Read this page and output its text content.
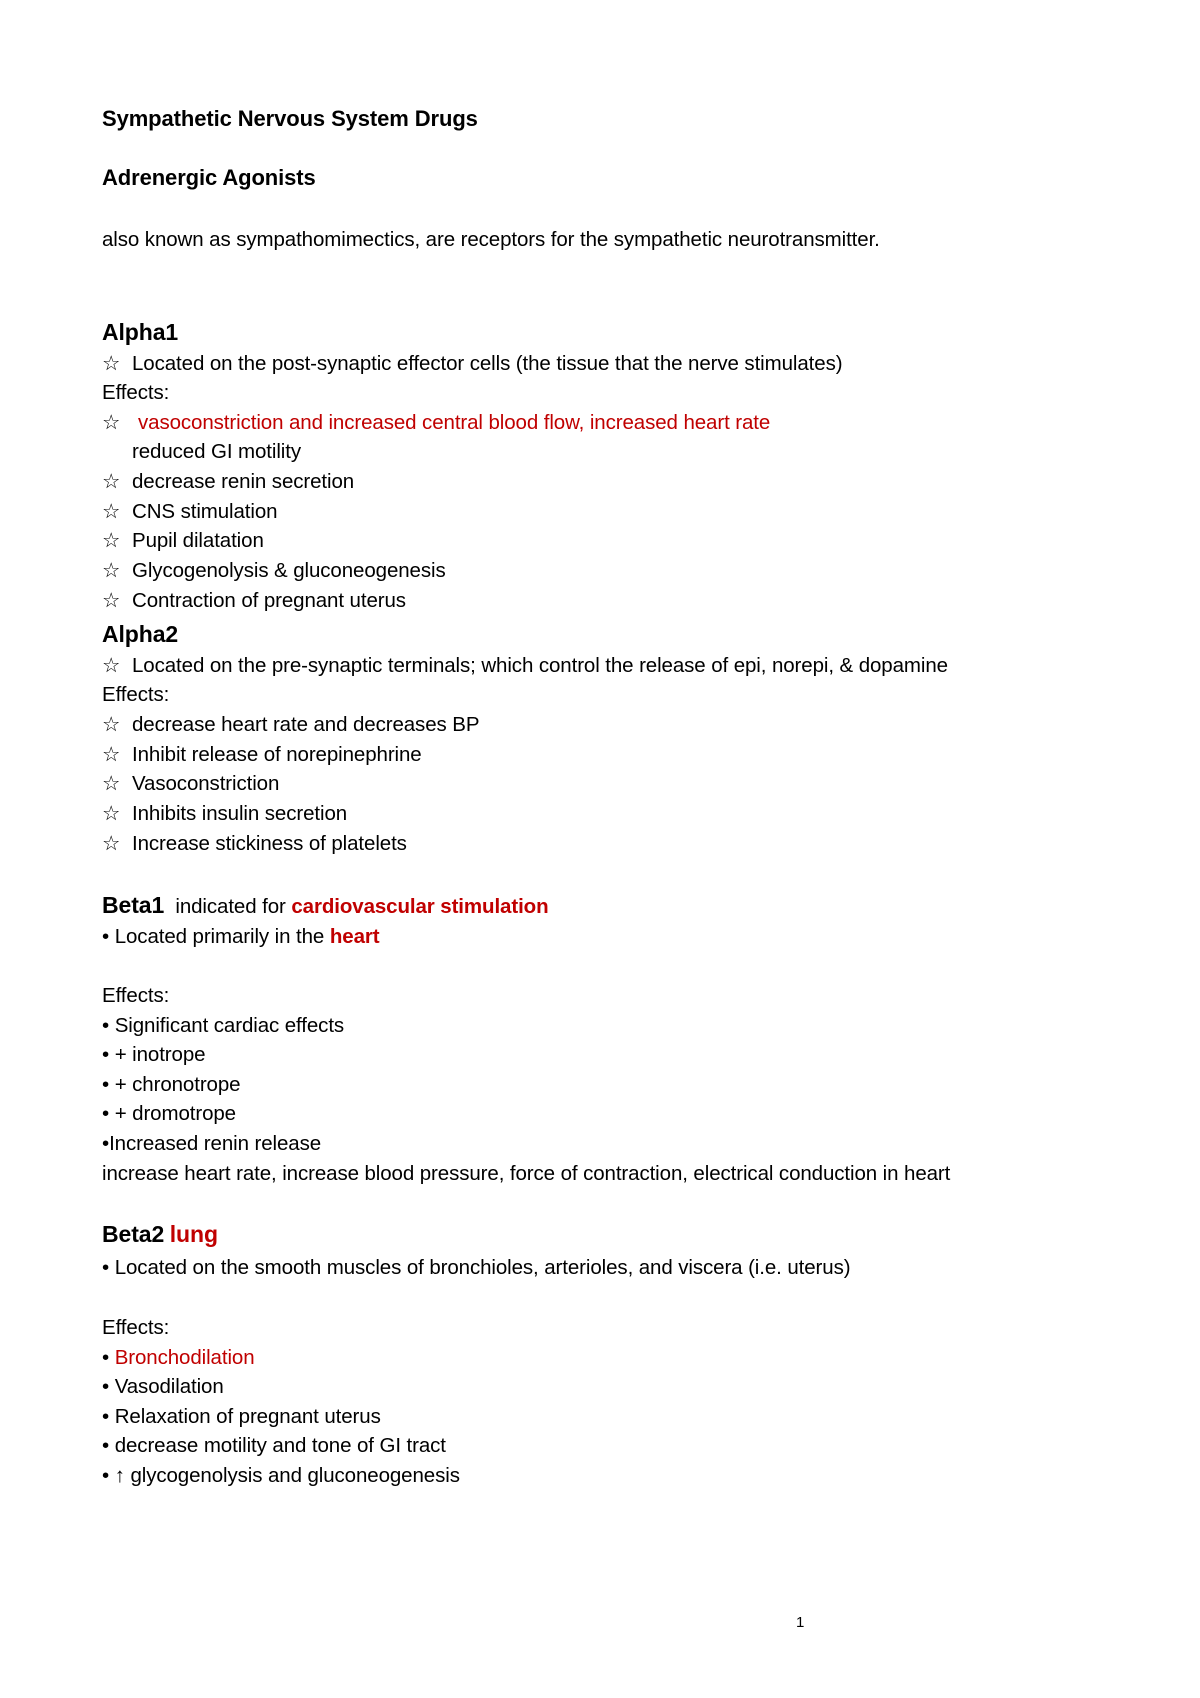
Sympathetic Nervous System Drugs
Adrenergic Agonists
also known as sympathomimectics, are receptors for the sympathetic neurotransmitter.
Alpha1
☆ Located on the post-synaptic effector cells (the tissue that the nerve stimulates)
Effects:
☆ vasoconstriction and increased central blood flow, increased heart rate
reduced GI motility
☆ decrease renin secretion
☆ CNS stimulation
☆ Pupil dilatation
☆ Glycogenolysis & gluconeogenesis
☆ Contraction of pregnant uterus
Alpha2
☆ Located on the pre-synaptic terminals; which control the release of epi, norepi, & dopamine
Effects:
☆ decrease heart rate and decreases BP
☆ Inhibit release of norepinephrine
☆ Vasoconstriction
☆ Inhibits insulin secretion
☆ Increase stickiness of platelets
Beta1 indicated for cardiovascular stimulation
• Located primarily in the heart
Effects:
• Significant cardiac effects
• + inotrope
• + chronotrope
• + dromotrope
•Increased renin release
increase heart rate, increase blood pressure, force of contraction, electrical conduction in heart
Beta2 lung
• Located on the smooth muscles of bronchioles, arterioles, and viscera (i.e. uterus)
Effects:
• Bronchodilation
• Vasodilation
• Relaxation of pregnant uterus
• decrease motility and tone of GI tract
• ↑ glycogenolysis and gluconeogenesis
1
